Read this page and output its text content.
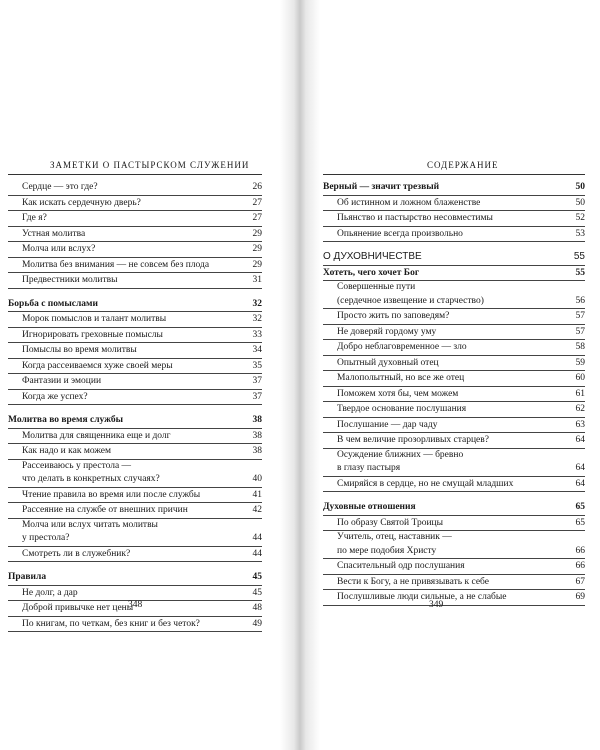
ЗАМЕТКИ О ПАСТЫРСКОМ СЛУЖЕНИИ
Сердце — это где?	26
Как искать сердечную дверь?	27
Где я?	27
Устная молитва	29
Молча или вслух?	29
Молитва без внимания — не совсем без плода	29
Предвестники молитвы	31
Борьба с помыслами	32
Морок помыслов и талант молитвы	32
Игнорировать греховные помыслы	33
Помыслы во время молитвы	34
Когда рассеиваемся хуже своей меры	35
Фантазии и эмоции	37
Когда же успех?	37
Молитва во время службы	38
Молитва для священника еще и долг	38
Как надо и как можем	38
Рассеиваюсь у престола —
что делать в конкретных случаях?	40
Чтение правила во время или после службы	41
Рассеяние на службе от внешних причин	42
Молча или вслух читать молитвы
у престола?	44
Смотреть ли в служебник?	44
Правила	45
Не долг, а дар	45
Доброй привычке нет цены	48
По книгам, по четкам, без книг и без четок?	49
348
СОДЕРЖАНИЕ
Верный — значит трезвый	50
Об истинном и ложном блаженстве	50
Пьянство и пастырство несовместимы	52
Опьянение всегда произвольно	53
О ДУХОВНИЧЕСТВЕ	55
Хотеть, чего хочет Бог	55
Совершенные пути
(сердечное извещение и старчество)	56
Просто жить по заповедям?	57
Не доверяй гордому уму	57
Добро неблаговременное — зло	58
Опытный духовный отец	59
Малополытный, но все же отец	60
Поможем хотя бы, чем можем	61
Твердое основание послушания	62
Послушание — дар чаду	63
В чем величие прозорливых старцев?	64
Осуждение ближних — бревно
в глазу пастыря	64
Смиряйся в сердце, но не смущай младших	64
Духовные отношения	65
По образу Святой Троицы	65
Учитель, отец, наставник —
по мере подобия Христу	66
Спасительный одр послушания	66
Вести к Богу, а не привязывать к себе	67
Послушливые люди сильные, а не слабые	69
349
